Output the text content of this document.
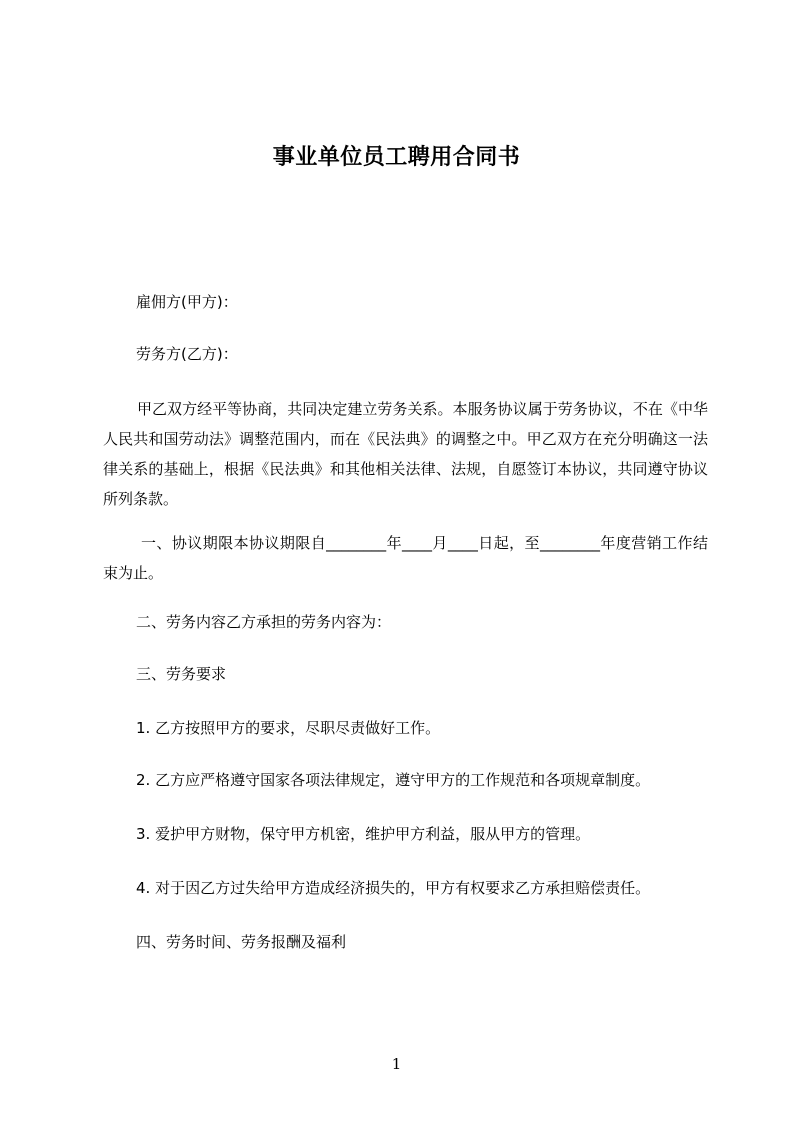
事业单位员工聘用合同书
雇佣方(甲方)：
劳务方(乙方)：
甲乙双方经平等协商，共同决定建立劳务关系。本服务协议属于劳务协议，不在《中华人民共和国劳动法》调整范围内，而在《民法典》的调整之中。甲乙双方在充分明确这一法律关系的基础上，根据《民法典》和其他相关法律、法规，自愿签订本协议，共同遵守协议所列条款。
一、协议期限本协议期限自________年____月____日起，至________年度营销工作结束为止。
二、劳务内容乙方承担的劳务内容为：
三、劳务要求
1. 乙方按照甲方的要求，尽职尽责做好工作。
2. 乙方应严格遵守国家各项法律规定，遵守甲方的工作规范和各项规章制度。
3. 爱护甲方财物，保守甲方机密，维护甲方利益，服从甲方的管理。
4. 对于因乙方过失给甲方造成经济损失的，甲方有权要求乙方承担赔偿责任。
四、劳务时间、劳务报酬及福利
1
